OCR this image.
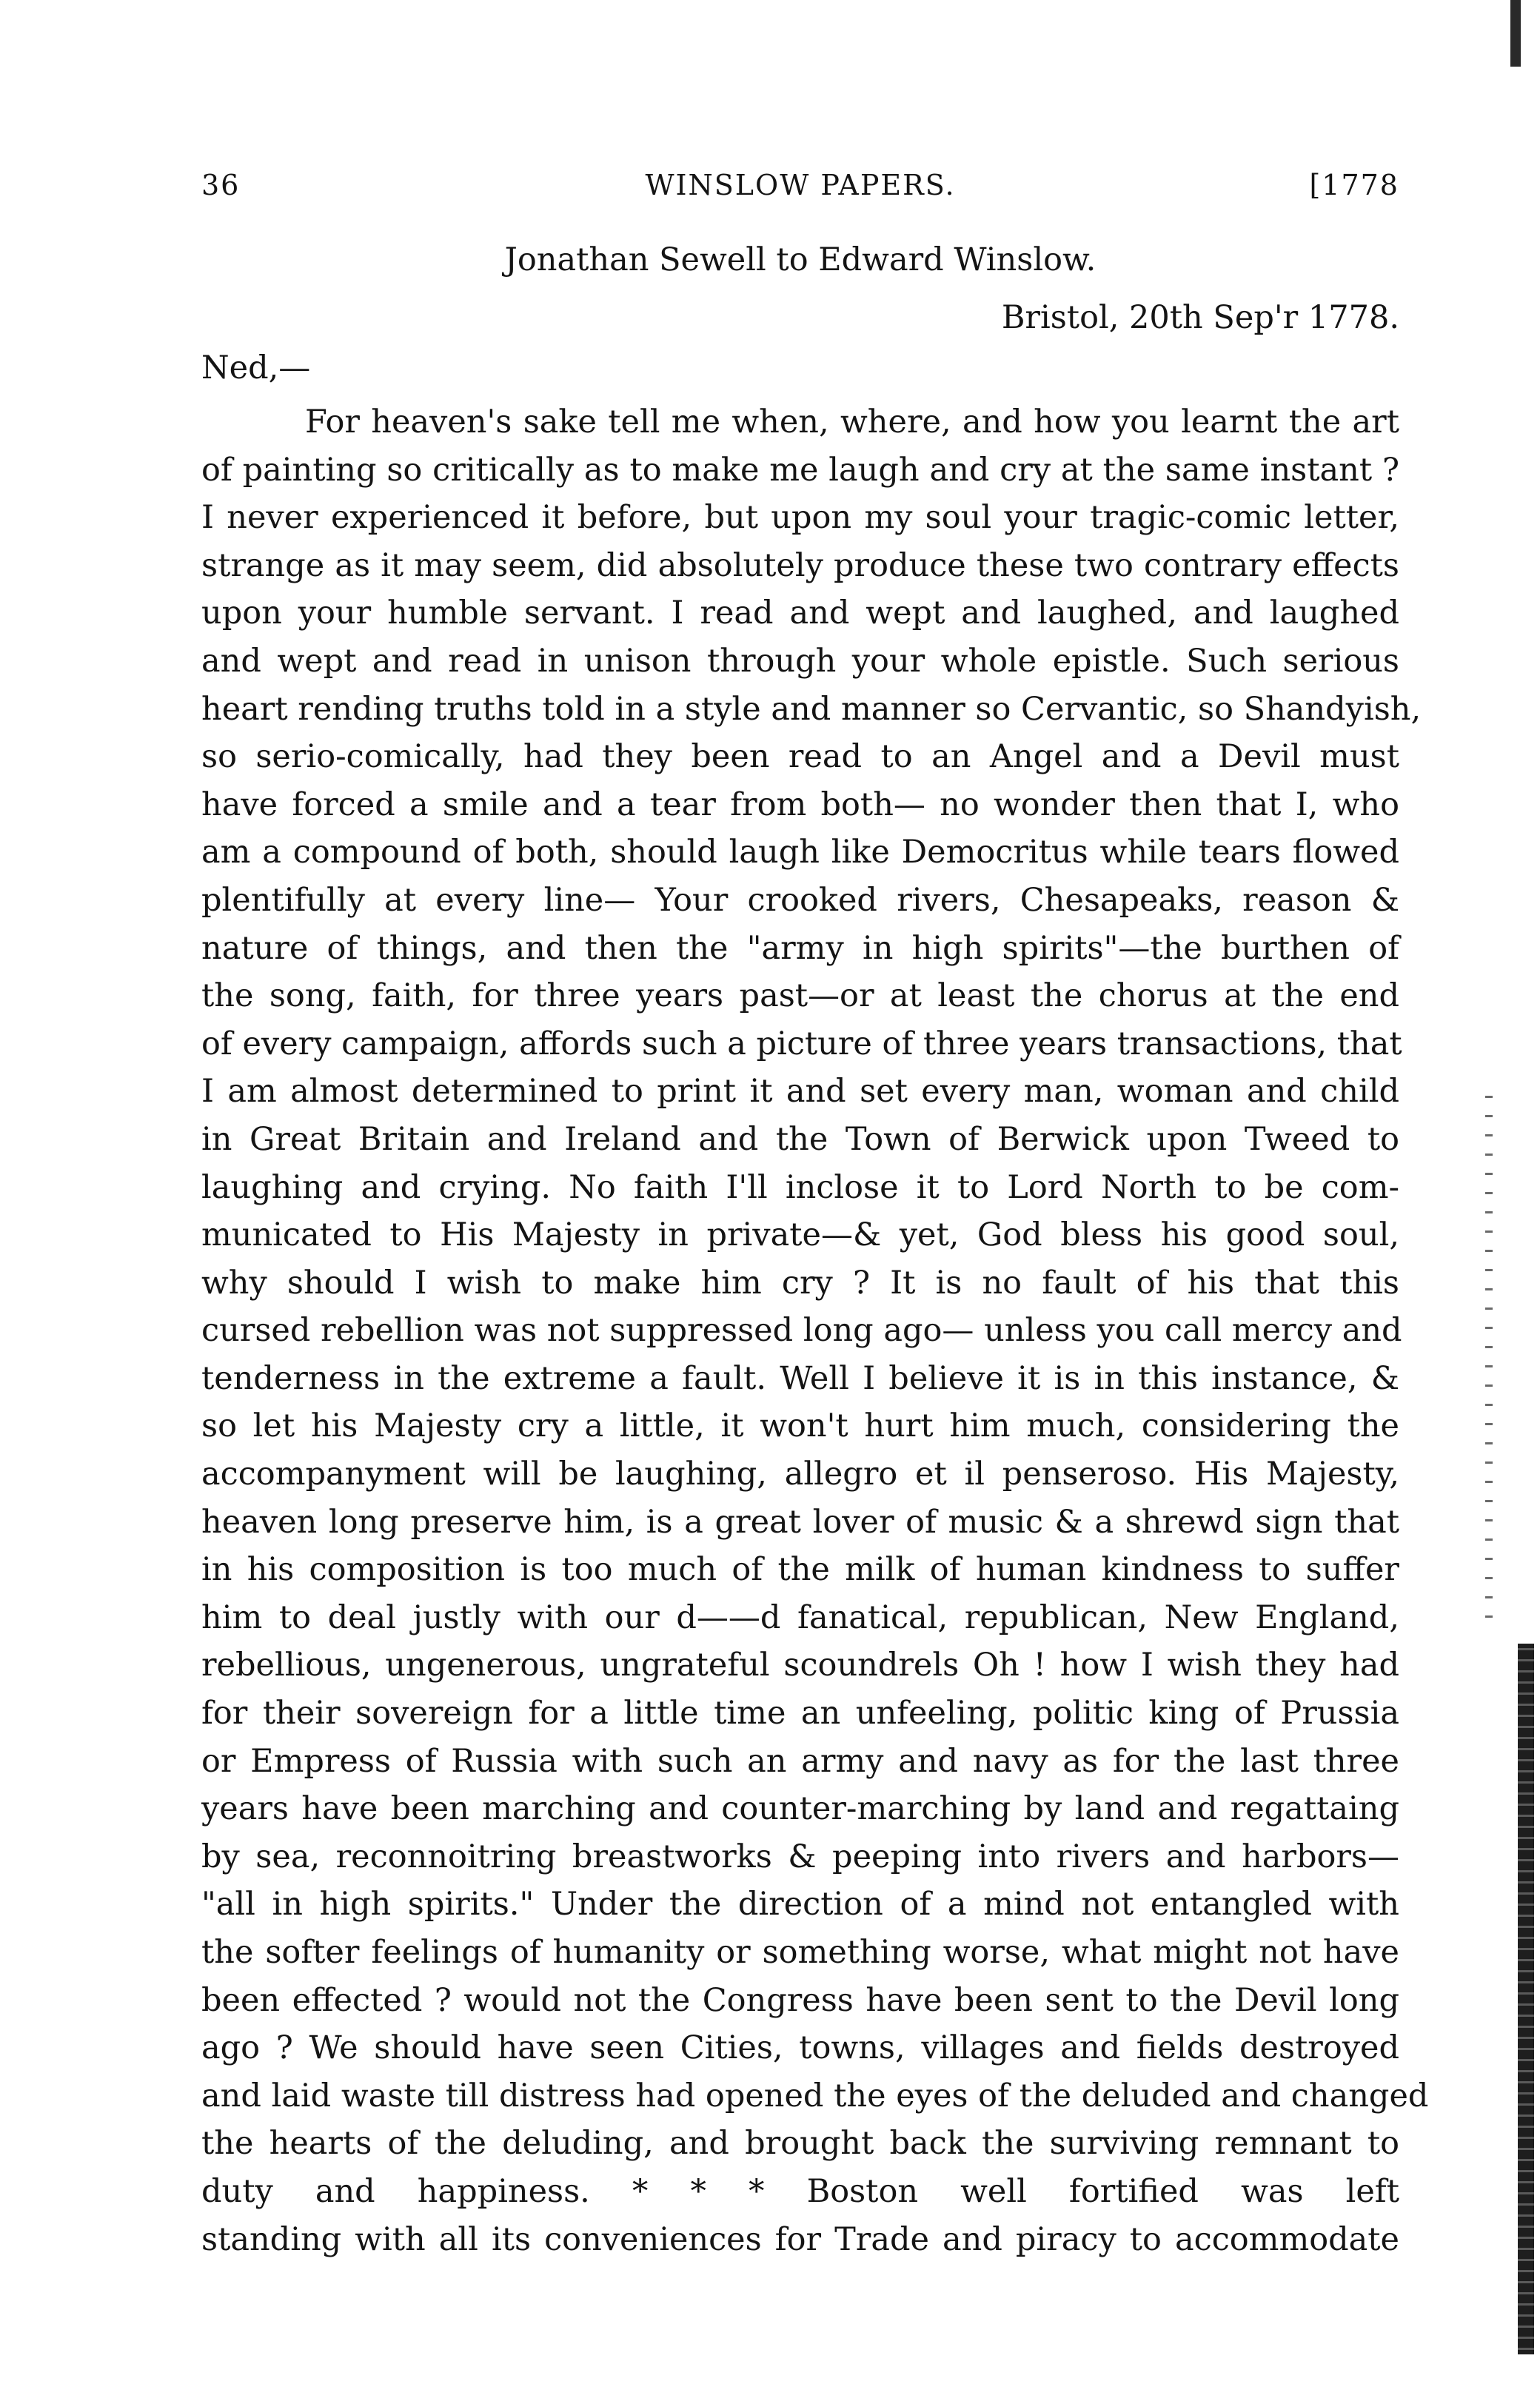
36	WINSLOW PAPERS.	[1778
Jonathan Sewell to Edward Winslow.
Bristol, 20th Sep'r 1778.
Ned,—
For heaven's sake tell me when, where, and how you learnt the art
of painting so critically as to make me laugh and cry at the same instant ?
I never experienced it before, but upon my soul your tragic-comic letter,
strange as it may seem, did absolutely produce these two contrary effects
upon your humble servant. I read and wept and laughed, and laughed
and wept and read in unison through your whole epistle. Such serious
heart rending truths told in a style and manner so Cervantic, so Shandyish,
so serio-comically, had they been read to an Angel and a Devil must
have forced a smile and a tear from both— no wonder then that I, who
am a compound of both, should laugh like Democritus while tears flowed
plentifully at every line— Your crooked rivers, Chesapeaks, reason &
nature of things, and then the "army in high spirits"—the burthen of
the song, faith, for three years past—or at least the chorus at the end
of every campaign, affords such a picture of three years transactions, that
I am almost determined to print it and set every man, woman and child
in Great Britain and Ireland and the Town of Berwick upon Tweed to
laughing and crying. No faith I'll inclose it to Lord North to be com-
municated to His Majesty in private—& yet, God bless his good soul,
why should I wish to make him cry ? It is no fault of his that this
cursed rebellion was not suppressed long ago— unless you call mercy and
tenderness in the extreme a fault. Well I believe it is in this instance, &
so let his Majesty cry a little, it won't hurt him much, considering the
accompanyment will be laughing, allegro et il penseroso. His Majesty,
heaven long preserve him, is a great lover of music & a shrewd sign that
in his composition is too much of the milk of human kindness to suffer
him to deal justly with our d——d fanatical, republican, New England,
rebellious, ungenerous, ungrateful scoundrels Oh ! how I wish they had
for their sovereign for a little time an unfeeling, politic king of Prussia
or Empress of Russia with such an army and navy as for the last three
years have been marching and counter-marching by land and regattaing
by sea, reconnoitring breastworks & peeping into rivers and harbors—
"all in high spirits." Under the direction of a mind not entangled with
the softer feelings of humanity or something worse, what might not have
been effected ? would not the Congress have been sent to the Devil long
ago ? We should have seen Cities, towns, villages and fields destroyed
and laid waste till distress had opened the eyes of the deluded and changed
the hearts of the deluding, and brought back the surviving remnant to
duty and happiness. * * * Boston well fortified was left
standing with all its conveniences for Trade and piracy to accommodate
